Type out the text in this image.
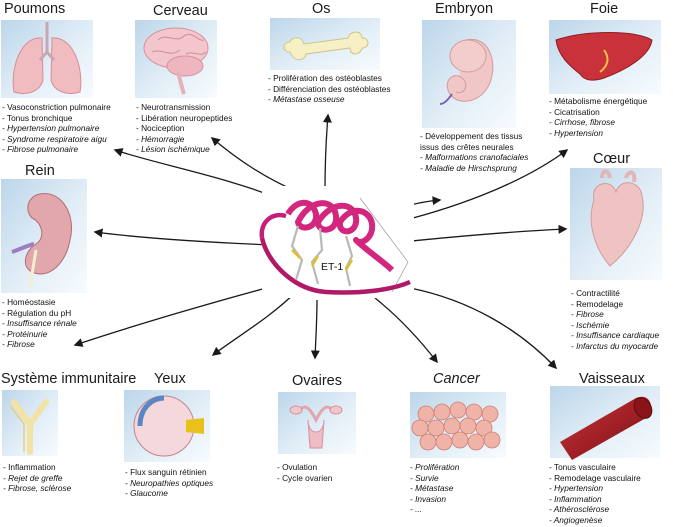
ET-1
Poumons	Cerveau	Os	Embryon	Foie
Rein
Cœur
Système immunitaire Yeux	Ovaires	Cancer	Vaisseaux
- Vasoconstriction pulmonaire
- Tonus bronchique
- Hypertension pulmonaire
- Syndrome respiratoire aigu
- Fibrose pulmonaire
- Neurotransmission
- Libération neuropeptides
- Nociception
- Hémorragie
- Lésion ischémique
- Prolifération des ostéoblastes
- Différenciation des ostéoblastes
- Métastase osseuse
- Développement des tissus
issus des crêtes neurales
- Malformations cranofaciales
- Maladie de Hirschsprung
- Métabolisme énergétique
- Cicatrisation
- Cirrhose, fibrose
- Hypertension
- Homéostasie
- Régulation du pH
- Insuffisance rénale
- Protéinurie
- Fibrose
- Contractilité
- Remodelage
- Fibrose
- Ischémie
- Insuffisance cardiaque
- Infarctus du myocarde
- Inflammation
- Rejet de greffe
- Fibrose, sclérose
- Flux sanguin rétinien
- Neuropathies optiques
- Glaucome
- Ovulation
- Cycle ovarien
- Prolifération
- Survie
- Métastase
- Invasion
- ...
- Tonus vasculaire
- Remodelage vasculaire
- Hypertension
- Inflammation
- Athérosclérose
- Angiogenèse
